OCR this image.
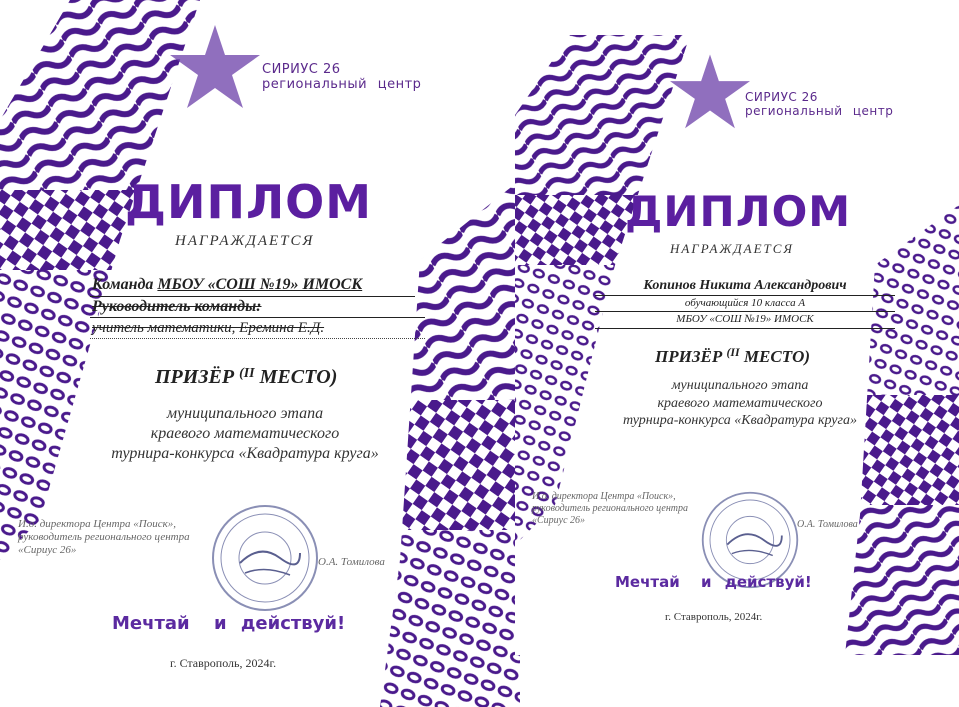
СИРИУС 26
региональный центр
ДИПЛОМ
НАГРАЖДАЕТСЯ
Команда МБОУ «СОШ №19» ИМОСК
Руководитель команды:
учитель математики, Еремина Е.Д.
ПРИЗЁР $^{(II}$ МЕСТО)
муниципального этапа
краевого математического
турнира-конкурса «Квадратура круга»
И.о. директора Центра «Поиск»,
руководитель регионального центра
«Сириус 26»
О.А. Томилова
Мечтай и действуй!
г. Ставрополь, 2024г.
СИРИУС 26
региональный центр
ДИПЛОМ
НАГРАЖДАЕТСЯ
Копинов Никита Александрович
обучающийся 10 класса А
МБОУ «СОШ №19» ИМОСК
ПРИЗЁР $^{(II}$ МЕСТО)
муниципального этапа
краевого математического
турнира-конкурса «Квадратура круга»
И.о. директора Центра «Поиск»,
руководитель регионального центра
«Сириус 26»	О.А. Томилова
Мечтай и действуй!
г. Ставрополь, 2024г.
